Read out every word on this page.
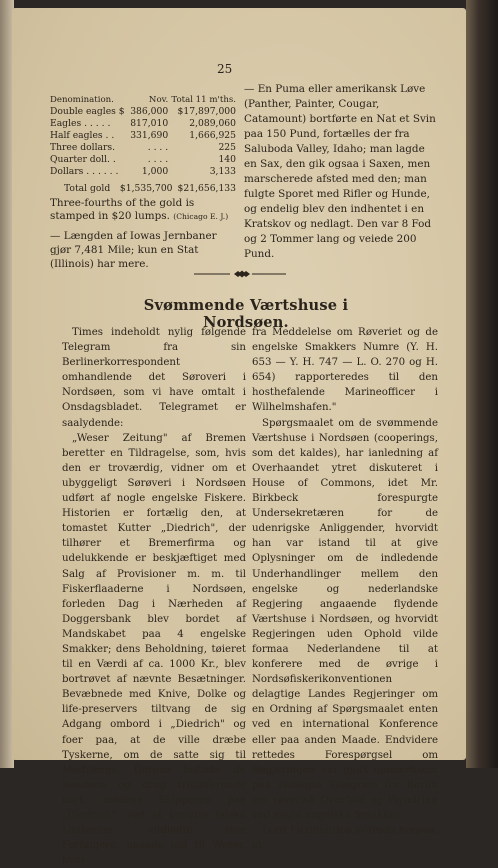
25
Denomination.	Nov.	Total 11 m'ths.
Double eagles $	386,000	$17,897,000
Eagles . . . . .	817,010	2,089,060
Half eagles . .	331,690	1,666,925
Three dollars.	. . . .	225
Quarter doll. .	. . . .	140
Dollars . . . . . .	1,000	3,133
Total gold	$1,535,700	$21,656,133
Three-fourths of the gold is stamped in $20 lumps. (Chicago E. J.)
— Længden af Iowas Jernbaner gjør 7,481 Mile; kun en Stat (Illinois) har mere.
— En Puma eller amerikansk Løve (Panther, Painter, Cougar, Catamount) bortførte en Nat et Svin paa 150 Pund, fortælles der fra Saluboda Valley, Idaho; man lagde en Sax, den gik ogsaa i Saxen, men marscherede afsted med den; man fulgte Sporet med Rifler og Hunde, og endelig blev den indhentet i en Kratskov og nedlagt. Den var 8 Fod og 2 Tommer lang og veiede 200 Pund.
Svømmende Værtshuse i Nordsøen.

Times indeholdt nylig følgende Telegram fra sin Berlinerkorrespondent omhandlende det Søroveri i Nordsøen, som vi have omtalt i Onsdagsbladet. Telegramet er saalydende:

„Weser Zeitung" af Bremen beretter en Tildragelse, som, hvis den er troværdig, vidner om et ubyggeligt Sørøveri i Nordsøen udført af nogle engelske Fiskere. Historien er fortælig den, at tomastet Kutter „Diedrich", der tilhører et Bremerfirma og udelukkende er beskjæftiget med Salg af Provisioner m. m. til Fiskerflaaderne i Nordsøen, forleden Dag i Nærheden af Doggersbank blev bordet af Mandskabet paa 4 engelske Smakker; dens Beholdning, tøieret til en Værdi af ca. 1000 Kr., blev bortrøvet af nævnte Besætninger. Bevæbnede med Knive, Dolke og life-preservers tiltvang de sig Adgang ombord i „Diedrich" og foer paa, at de ville dræbe Tyskerne, om de satte sig til Modværge. Derpaa lastede de Baadene og drog triumferende bort, medens Skipperen paa „Diedrich", ved at benytte falske Lanterner, vildledte sine Forfølgere, naaede ind til Weser, hvor-

fra Meddelelse om Røveriet og de engelske Smakkers Numre (Y. H. 653 — Y. H. 747 — L. O. 270 og H. 654) rapporteredes til den hosthefalende Marineofficer i Wilhelmshafen."

Spørgsmaalet om de svømmende Værtshuse i Nordsøen (cooperings, som det kaldes), har ianledning af Overhaandet ytret diskuteret i House of Commons, idet Mr. Birkbeck forespurgte Undersekretæren for de udenrigske Anliggender, hvorvidt han var istand til at give Oplysninger om de indledende Underhandlinger mellem den engelske og nederlandske Regjering angaaende flydende Værtshuse i Nordsøen, og hvorvidt Regjeringen uden Ophold vilde formaa Nederlandene til at konferere med de øvrige i Nordsøfiskerikonventionen delagtige Landes Regjeringer om en Ordning af Spørgsmaalet enten ved en international Konference eller paa anden Maade. Endvidere rettedes Forespørgsel om Regjeringen var gjort opmærksom paa vedlagte Telegram fra Berlin om røverisk Overfald og Plyndring ved nogle engelske Smakker.

Lord Fitzmaurice svarede herpaa, at
